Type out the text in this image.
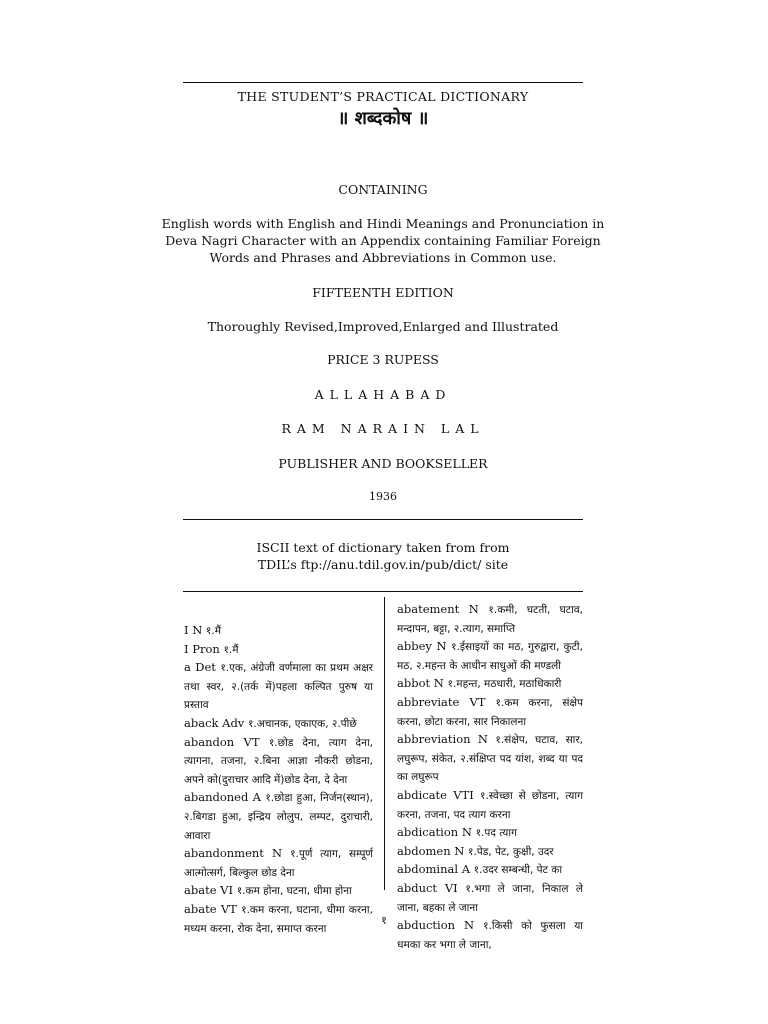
THE STUDENT’S PRACTICAL DICTIONARY
॥ शब्दकोष ॥
CONTAINING
English words with English and Hindi Meanings and Pronunciation in
Deva Nagri Character with an Appendix containing Familiar Foreign
Words and Phrases and Abbreviations in Common use.
FIFTEENTH EDITION
Thoroughly Revised,Improved,Enlarged and Illustrated
PRICE 3 RUPESS
ALLAHABAD
RAM NARAIN LAL
PUBLISHER AND BOOKSELLER
1936
ISCII text of dictionary taken from from
TDIL’s ftp://anu.tdil.gov.in/pub/dict/ site
I N १.मैं
I Pron १.मैं
a Det १.एक, अंग्रेजी वर्णमाला का प्रथम अक्षर तथा स्वर, २.(तर्क में)पहला कल्पित पुरुष या प्रस्ताव
aback Adv १.अचानक, एकाएक, २.पीछे
abandon VT १.छोड देना, त्याग देना, त्यागना, तजना, २.बिना आज्ञा नौकरी छोडना, अपने को(दुराचार आदि में)छोड देना, दे देना
abandoned A १.छोडा हुआ, निर्जन(स्थान), २.बिगडा हुआ, इन्द्रिय लोलुप, लम्पट, दुराचारी, आवारा
abandonment N १.पूर्ण त्याग, सम्पूर्ण आत्मोत्सर्ग, बिल्कुल छोड देना
abate VI १.कम होना, घटना, धीमा होना
abate VT १.कम करना, घटाना, धीमा करना, मध्यम करना, रोक देना, समाप्त करना
abatement N १.कमी, घटती, घटाव, मन्दापन, बट्टा, २.त्याग, समाप्ति
abbey N १.ईसाइयों का मठ, गुरुद्वारा, कुटी, मठ, २.महन्त के आधीन साधुओं की मण्डली
abbot N १.महन्त, मठधारी, मठाधिकारी
abbreviate VT १.कम करना, संक्षेप करना, छोटा करना, सार निकालना
abbreviation N १.संक्षेप, घटाव, सार, लघुरूप, संकेत, २.संक्षिप्त पद यांश, शब्द या पद का लघुरूप
abdicate VTI १.स्वेच्छा से छोडना, त्याग करना, तजना, पद त्याग करना
abdication N १.पद त्याग
abdomen N १.पेड, पेट, कुक्षी, उदर
abdominal A १.उदर सम्बन्धी, पेट का
abduct VI १.भगा ले जाना, निकाल ले जाना, बहका ले जाना
abduction N १.किसी को फुसला या धमका कर भगा ले जाना,
१
